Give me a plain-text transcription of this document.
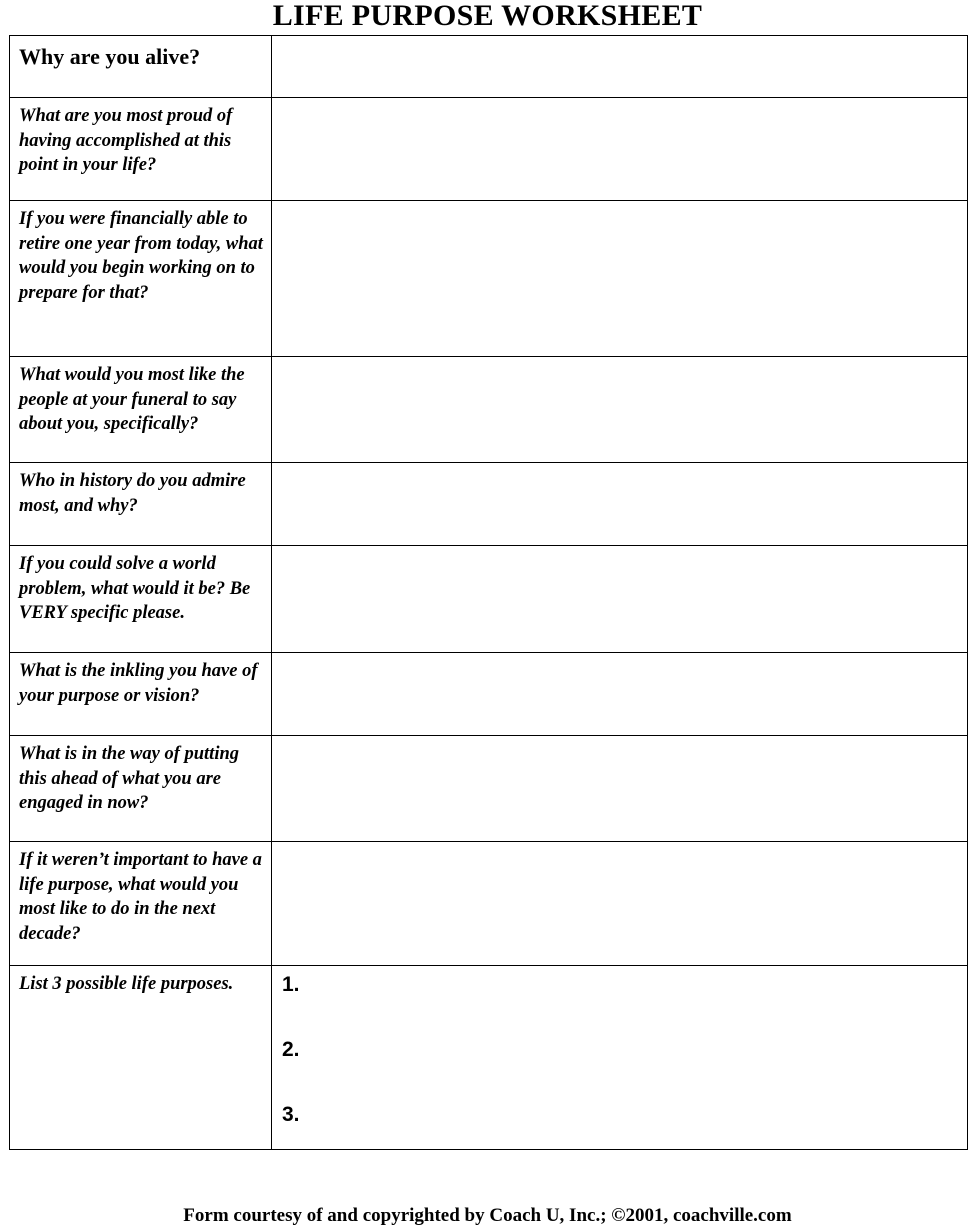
LIFE PURPOSE WORKSHEET
Why are you alive?	

What are you most proud of having accomplished at this point in your life?	

If you were financially able to retire one year from today, what would you begin working on to prepare for that?	

What would you most like the people at your funeral to say about you, specifically?	

Who in history do you admire most, and why?	

If you could solve a world problem, what would it be? Be VERY specific please.	

What is the inkling you have of your purpose or vision?	

What is in the way of putting this ahead of what you are engaged in now?	

If it weren’t important to have a life purpose, what would you most like to do in the next decade?	

List 3 possible life purposes.	1.
2.
3.
Form courtesy of and copyrighted by Coach U, Inc.; ©2001, coachville.com
